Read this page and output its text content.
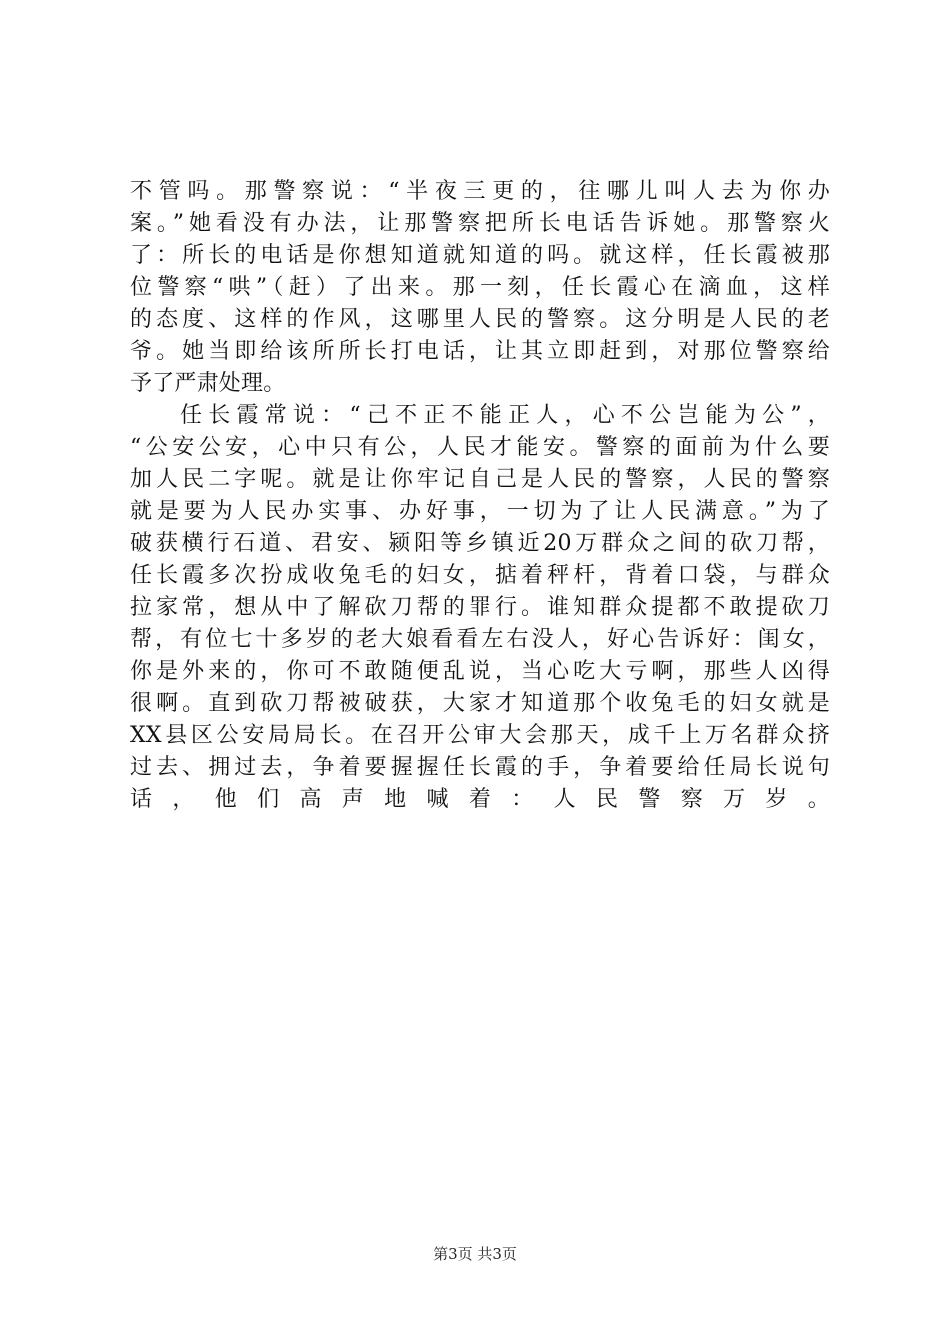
不管吗。那警察说：“半夜三更的，往哪儿叫人去为你办
案。”她看没有办法，让那警察把所长电话告诉她。那警察火
了：所长的电话是你想知道就知道的吗。就这样，任长霞被那
位警察“哄”（赶）了出来。那一刻，任长霞心在滴血，这样
的态度、这样的作风，这哪里人民的警察。这分明是人民的老
爷。她当即给该所所长打电话，让其立即赶到，对那位警察给
予了严肃处理。
任长霞常说：“己不正不能正人，心不公岂能为公”，
“公安公安，心中只有公，人民才能安。警察的面前为什么要
加人民二字呢。就是让你牢记自己是人民的警察，人民的警察
就是要为人民办实事、办好事，一切为了让人民满意。”为了
破获横行石道、君安、颍阳等乡镇近20万群众之间的砍刀帮，
任长霞多次扮成收兔毛的妇女，掂着秤杆，背着口袋，与群众
拉家常，想从中了解砍刀帮的罪行。谁知群众提都不敢提砍刀
帮，有位七十多岁的老大娘看看左右没人，好心告诉好：闺女，
你是外来的，你可不敢随便乱说，当心吃大亏啊，那些人凶得
很啊。直到砍刀帮被破获，大家才知道那个收兔毛的妇女就是
XX县区公安局局长。在召开公审大会那天，成千上万名群众挤
过去、拥过去，争着要握握任长霞的手，争着要给任局长说句
话，他们高声地喊着：人民警察万岁。
第3页 共3页
